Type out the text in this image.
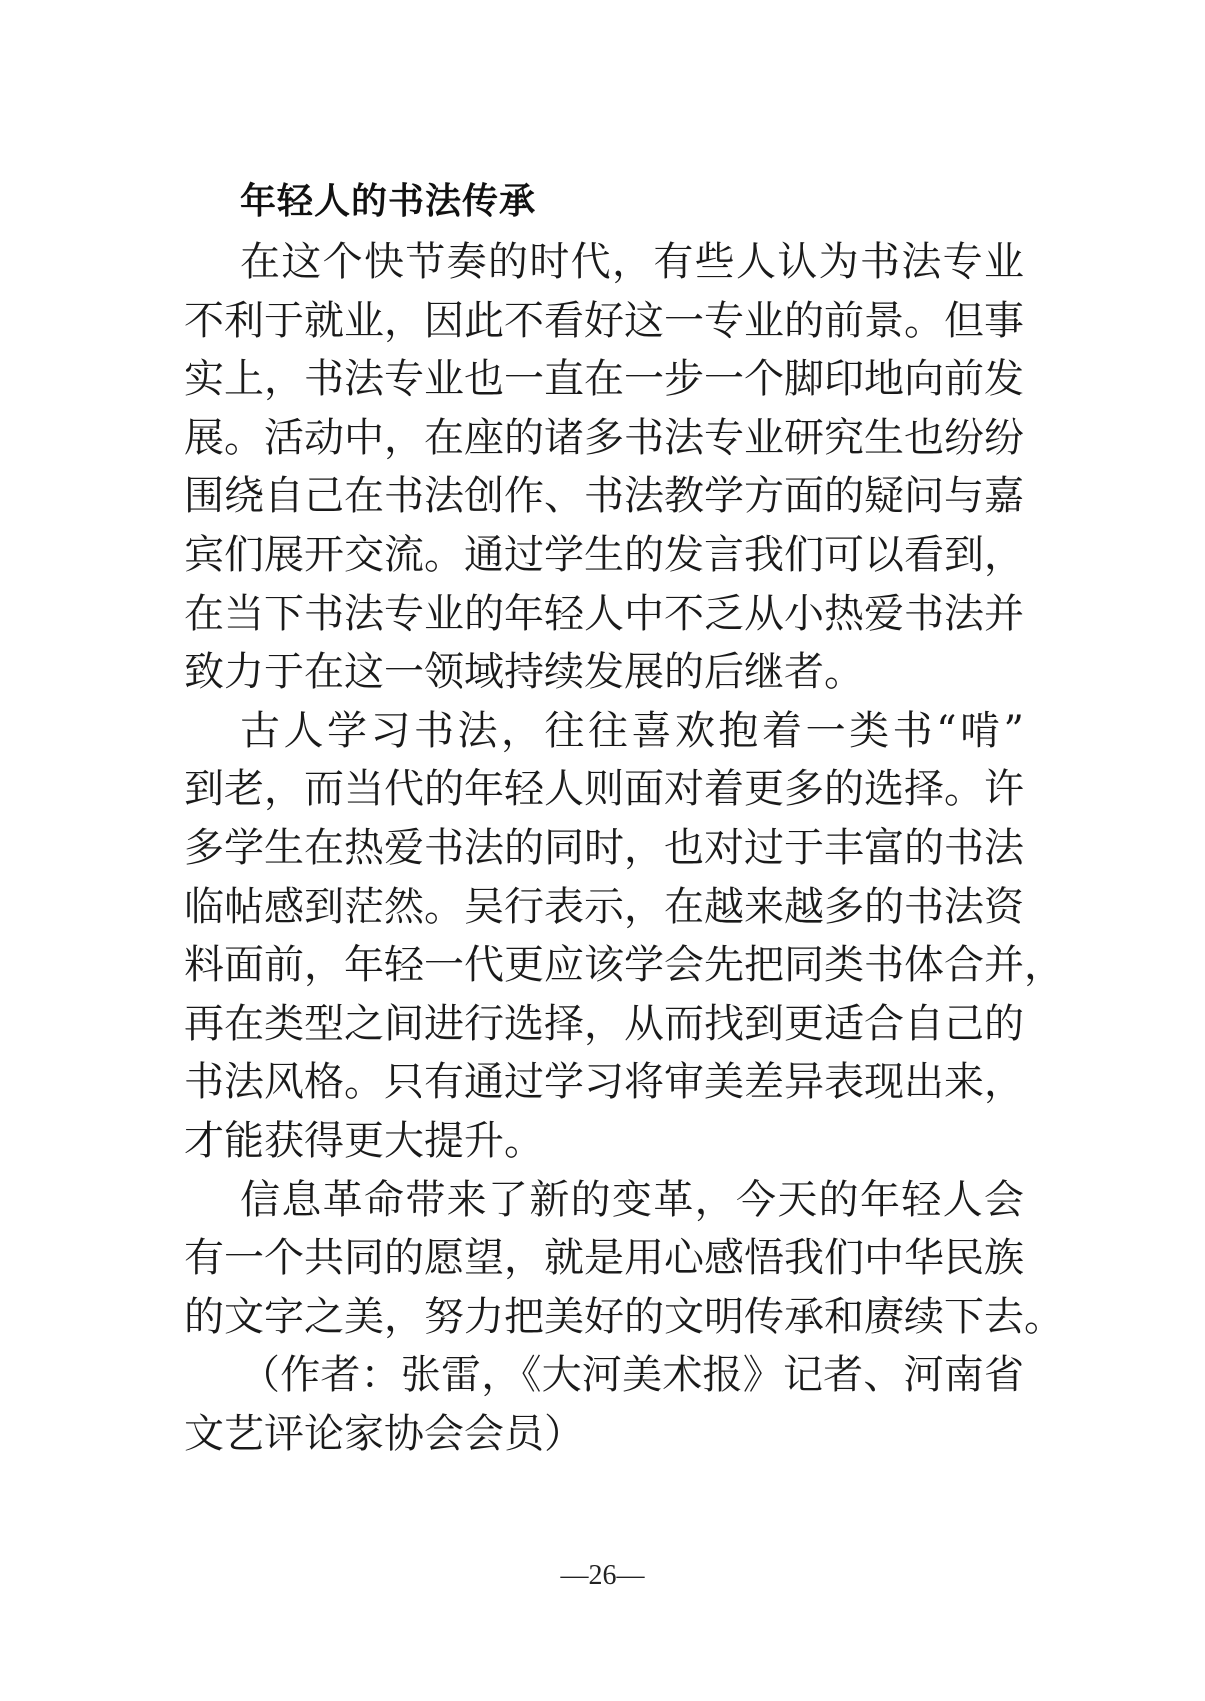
年轻人的书法传承
在这个快节奏的时代，有些人认为书法专业
不利于就业，因此不看好这一专业的前景。但事
实上，书法专业也一直在一步一个脚印地向前发
展。活动中，在座的诸多书法专业研究生也纷纷
围绕自己在书法创作、书法教学方面的疑问与嘉
宾们展开交流。通过学生的发言我们可以看到，
在当下书法专业的年轻人中不乏从小热爱书法并
致力于在这一领域持续发展的后继者。
古人学习书法，往往喜欢抱着一类书“啃”
到老，而当代的年轻人则面对着更多的选择。许
多学生在热爱书法的同时，也对过于丰富的书法
临帖感到茫然。吴行表示，在越来越多的书法资
料面前，年轻一代更应该学会先把同类书体合并，
再在类型之间进行选择，从而找到更适合自己的
书法风格。只有通过学习将审美差异表现出来，
才能获得更大提升。
信息革命带来了新的变革，今天的年轻人会
有一个共同的愿望，就是用心感悟我们中华民族
的文字之美，努力把美好的文明传承和赓续下去。
（作者：张雷，《大河美术报》记者、河南省
文艺评论家协会会员）
—26—
